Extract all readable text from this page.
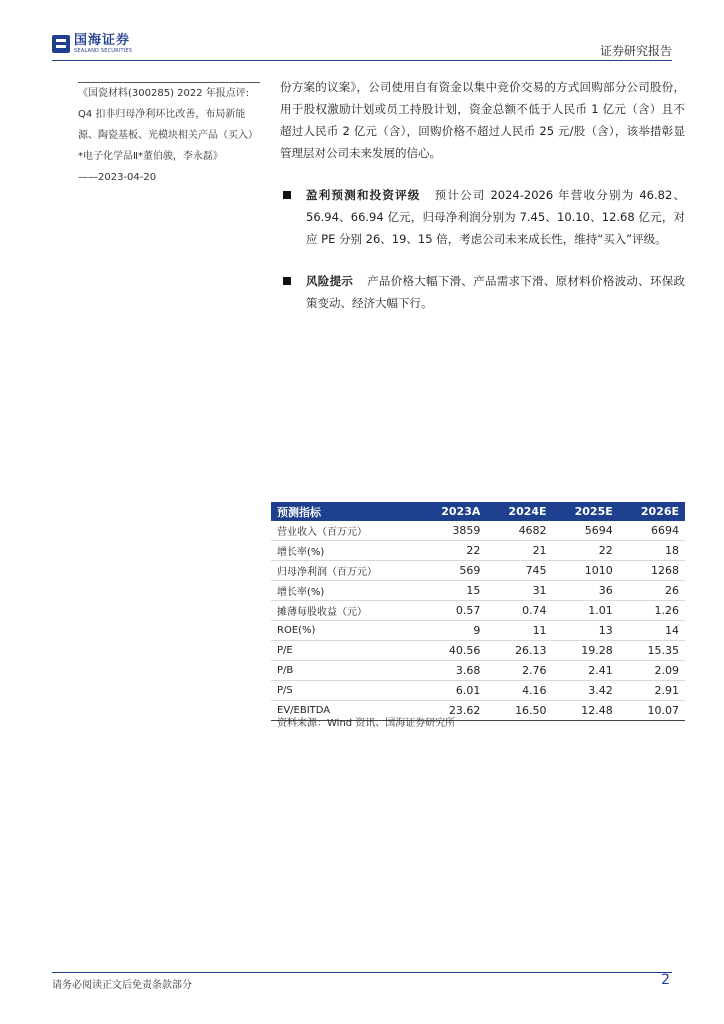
国海证券
SEALAND SECURITIES	证券研究报告
《国瓷材料(300285) 2022 年报点评: Q4 扣非归母净利环比改善，布局新能源、陶瓷基板、光模块相关产品（买入）*电子化学品Ⅱ*董伯骏，李永磊》
——2023-04-20
份方案的议案》，公司使用自有资金以集中竞价交易的方式回购部分公司股份，用于股权激励计划或员工持股计划，资金总额不低于人民币 1 亿元（含）且不超过人民币 2 亿元（含），回购价格不超过人民币 25 元/股（含），该举措彰显管理层对公司未来发展的信心。
盈利预测和投资评级 预计公司 2024-2026 年营收分别为 46.82、56.94、66.94 亿元，归母净利润分别为 7.45、10.10、12.68 亿元，对应 PE 分别 26、19、15 倍，考虑公司未来成长性，维持“买入”评级。
风险提示 产品价格大幅下滑、产品需求下滑、原材料价格波动、环保政策变动、经济大幅下行。
预测指标	2023A	2024E	2025E	2026E
营业收入（百万元）	3859	4682	5694	6694
增长率(%)	22	21	22	18
归母净利润（百万元）	569	745	1010	1268
增长率(%)	15	31	36	26
摊薄每股收益（元）	0.57	0.74	1.01	1.26
ROE(%)	9	11	13	14
P/E	40.56	26.13	19.28	15.35
P/B	3.68	2.76	2.41	2.09
P/S	6.01	4.16	3.42	2.91
EV/EBITDA	23.62	16.50	12.48	10.07
资料来源：Wind 资讯、国海证券研究所
请务必阅读正文后免责条款部分	2
